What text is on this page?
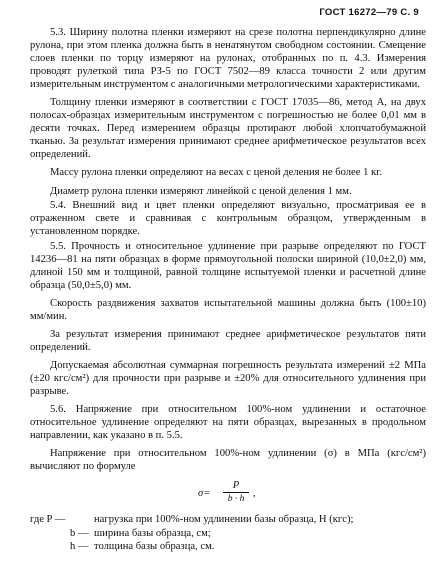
ГОСТ 16272—79 С. 9

5.3. Ширину полотна пленки измеряют на срезе полотна перпендикулярно длине рулона, при этом пленка должна быть в ненатянутом свободном состоянии. Смещение слоев пленки по торцу измеряют на рулонах, отобранных по п. 4.3. Измерения проводят рулеткой типа РЗ-5 по ГОСТ 7502—89 класса точности 2 или другим измерительным инструментом с аналогичными метрологическими характеристиками.

Толщину пленки измеряют в соответствии с ГОСТ 17035—86, метод А, на двух полосах-образцах измерительным инструментом с погрешностью не более 0,01 мм в десяти точках. Перед измерением образцы протирают любой хлопчатобумажной тканью. За результат измерения принимают среднее арифметическое результатов всех определений.

Массу рулона пленки определяют на весах с ценой деления не более 1 кг.

Диаметр рулона пленки измеряют линейкой с ценой деления 1 мм.

5.4. Внешний вид и цвет пленки определяют визуально, просматривая ее в отраженном свете и сравнивая с контрольным образцом, утвержденным в установленном порядке.

5.5. Прочность и относительное удлинение при разрыве определяют по ГОСТ 14236—81 на пяти образцах в форме прямоугольной полоски шириной (10,0±2,0) мм, длиной 150 мм и толщиной, равной толщине испытуемой пленки и расчетной длине образца (50,0±5,0) мм.

Скорость раздвижения захватов испытательной машины должна быть (100±10) мм/мин.

За результат измерения принимают среднее арифметическое результатов пяти определений.

Допускаемая абсолютная суммарная погрешность результата измерений ±2 МПа (±20 кгс/см²) для прочности при разрыве и ±20% для относительного удлинения при разрыве.

5.6. Напряжение при относительном 100%-ном удлинении и остаточное относительное удлинение определяют на пяти образцах, вырезанных в продольном направлении, как указано в п. 5.5.

Напряжение при относительном 100%-ном удлинении (σ) в МПа (кгс/см²) вычисляют по формуле

$\sigma= \frac{P}{b \cdot h}$ ,
где P —	нагрузка при 100%-ном удлинении базы образца, Н (кгс);
b — ширина базы образца, см;
h — толщина базы образца, см.
